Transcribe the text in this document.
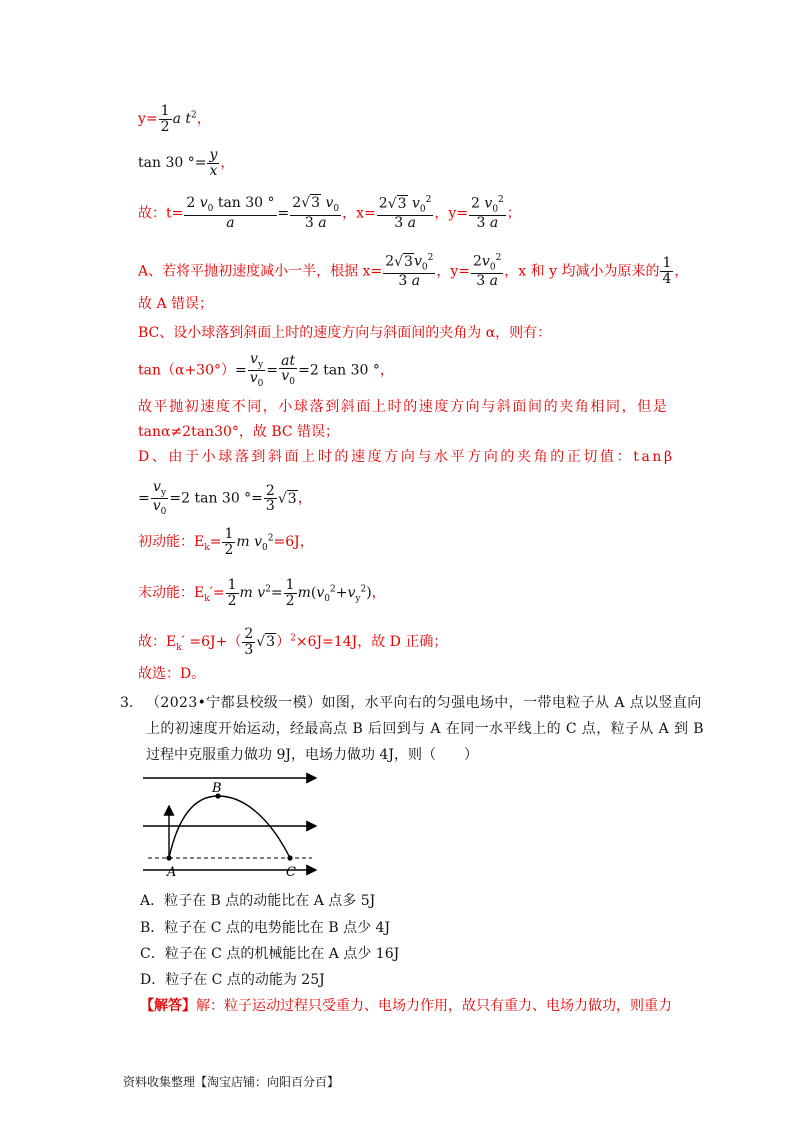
$y= \frac{1}{2}$ a $t^2$，
tan 30 °= $\frac{y}{x}$ ，
故：$t= \frac{2 v_0 \tan 30 ^\circ}{a} = \frac{2√3 v_0}{3 a}$ ，$x= \frac{2√3 v_0^2}{3 a}$ ，$y= \frac{2 v_0^2}{3 a}$ ；
A、若将平抛初速度减小一半，根据 $x= \frac{2√3v_0^2}{3 a}$ ，$y= \frac{2v_0^2}{3 a}$ ，x 和 y 均减小为原来的 $\frac{1}{4}$ ，
故 A 错误；
BC、设小球落到斜面上时的速度方向与斜面间的夹角为 α，则有：
$\tan(\alpha+30^\circ)= \frac{v_y}{v_0} = \frac{at}{v_0} =2$ tan 30 °，
故平抛初速度不同，小球落到斜面上时的速度方向与斜面间的夹角相同，但是
tanα≠2tan30°，故 BC 错误；
D、由于小球落到斜面上时的速度方向与水平方向的夹角的正切值：tanβ
= $\frac{v_y}{v_0} =2$ tan 30 °= $\frac{2}{3} √3$，
初动能：$E_k= \frac{1}{2}$ m $v_0^2=6J$，
末动能：$E_k'= \frac{1}{2}$ m $v^2= \frac{1}{2} m(v_0^2+v_y^2)$，
故：$E_k' =6J+( \frac{2}{3} √3)^2\times 6J=14J$，故 D 正确；
故选：D。
3. （2023•宁都县校级一模）如图，水平向右的匀强电场中，一带电粒子从 A 点以竖直向
上的初速度开始运动，经最高点 B 后回到与 A 在同一水平线上的 C 点，粒子从 A 到 B
过程中克服重力做功 9J，电场力做功 4J，则（　　）
A
B
C
A．粒子在 B 点的动能比在 A 点多 5J
B．粒子在 C 点的电势能比在 B 点少 4J
C．粒子在 C 点的机械能比在 A 点少 16J
D．粒子在 C 点的动能为 25J
【解答】解：粒子运动过程只受重力、电场力作用，故只有重力、电场力做功，则重力
资料收集整理【淘宝店铺：向阳百分百】
